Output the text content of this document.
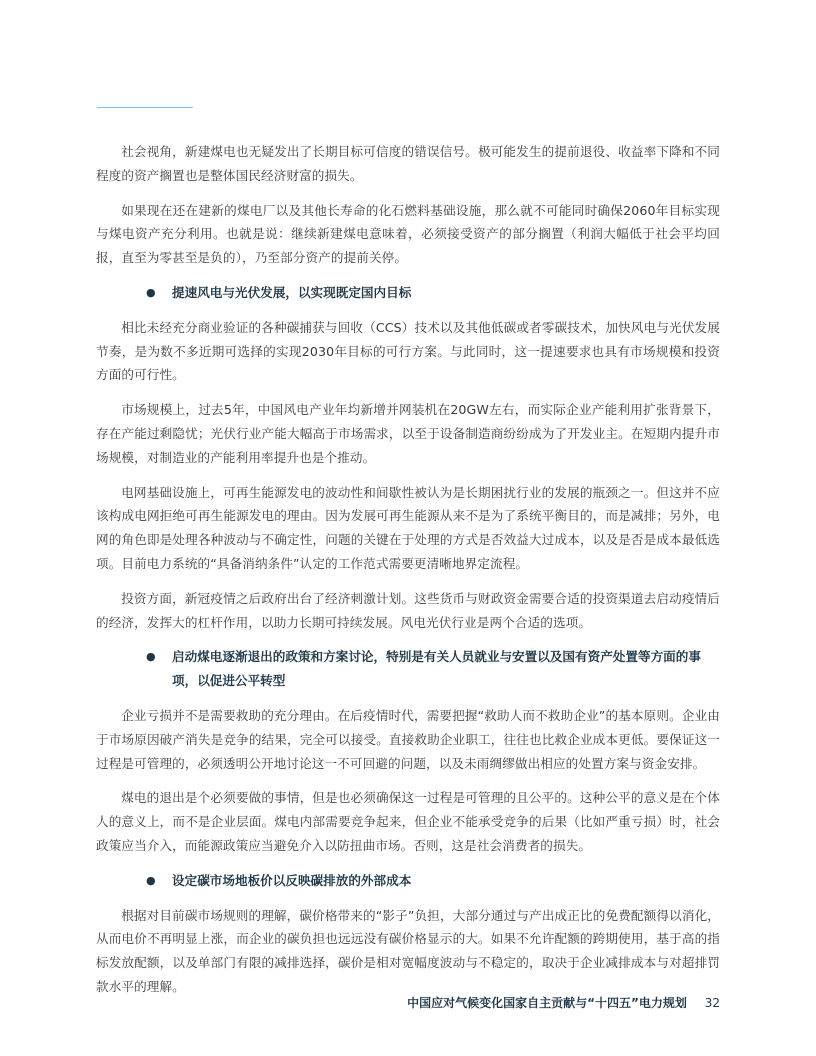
社会视角，新建煤电也无疑发出了长期目标可信度的错误信号。极可能发生的提前退役、收益率下降和不同程度的资产搁置也是整体国民经济财富的损失。

如果现在还在建新的煤电厂以及其他长寿命的化石燃料基础设施，那么就不可能同时确保2060年目标实现与煤电资产充分利用。也就是说：继续新建煤电意味着，必须接受资产的部分搁置（利润大幅低于社会平均回报，直至为零甚至是负的），乃至部分资产的提前关停。

● 提速风电与光伏发展，以实现既定国内目标

相比未经充分商业验证的各种碳捕获与回收（CCS）技术以及其他低碳或者零碳技术，加快风电与光伏发展节奏，是为数不多近期可选择的实现2030年目标的可行方案。与此同时，这一提速要求也具有市场规模和投资方面的可行性。

市场规模上，过去5年，中国风电产业年均新增并网装机在20GW左右，而实际企业产能利用扩张背景下，存在产能过剩隐忧；光伏行业产能大幅高于市场需求，以至于设备制造商纷纷成为了开发业主。在短期内提升市场规模，对制造业的产能利用率提升也是个推动。

电网基础设施上，可再生能源发电的波动性和间歇性被认为是长期困扰行业的发展的瓶颈之一。但这并不应该构成电网拒绝可再生能源发电的理由。因为发展可再生能源从来不是为了系统平衡目的，而是减排；另外，电网的角色即是处理各种波动与不确定性，问题的关键在于处理的方式是否效益大过成本，以及是否是成本最低选项。目前电力系统的“具备消纳条件”认定的工作范式需要更清晰地界定流程。

投资方面，新冠疫情之后政府出台了经济刺激计划。这些货币与财政资金需要合适的投资渠道去启动疫情后的经济，发挥大的杠杆作用，以助力长期可持续发展。风电光伏行业是两个合适的选项。

● 启动煤电逐渐退出的政策和方案讨论，特别是有关人员就业与安置以及国有资产处置等方面的事项，以促进公平转型

企业亏损并不是需要救助的充分理由。在后疫情时代，需要把握“救助人而不救助企业”的基本原则。企业由于市场原因破产消失是竞争的结果，完全可以接受。直接救助企业职工，往往也比救企业成本更低。要保证这一过程是可管理的，必须透明公开地讨论这一不可回避的问题，以及未雨绸缪做出相应的处置方案与资金安排。

煤电的退出是个必须要做的事情，但是也必须确保这一过程是可管理的且公平的。这种公平的意义是在个体人的意义上，而不是企业层面。煤电内部需要竞争起来，但企业不能承受竞争的后果（比如严重亏损）时，社会政策应当介入，而能源政策应当避免介入以防扭曲市场。否则，这是社会消费者的损失。

● 设定碳市场地板价以反映碳排放的外部成本

根据对目前碳市场规则的理解，碳价格带来的“影子”负担，大部分通过与产出成正比的免费配额得以消化，从而电价不再明显上涨，而企业的碳负担也远远没有碳价格显示的大。如果不允许配额的跨期使用，基于高的指标发放配额，以及单部门有限的减排选择，碳价是相对宽幅度波动与不稳定的，取决于企业减排成本与对超排罚款水平的理解。

中国应对气候变化国家自主贡献与“十四五”电力规划 32
